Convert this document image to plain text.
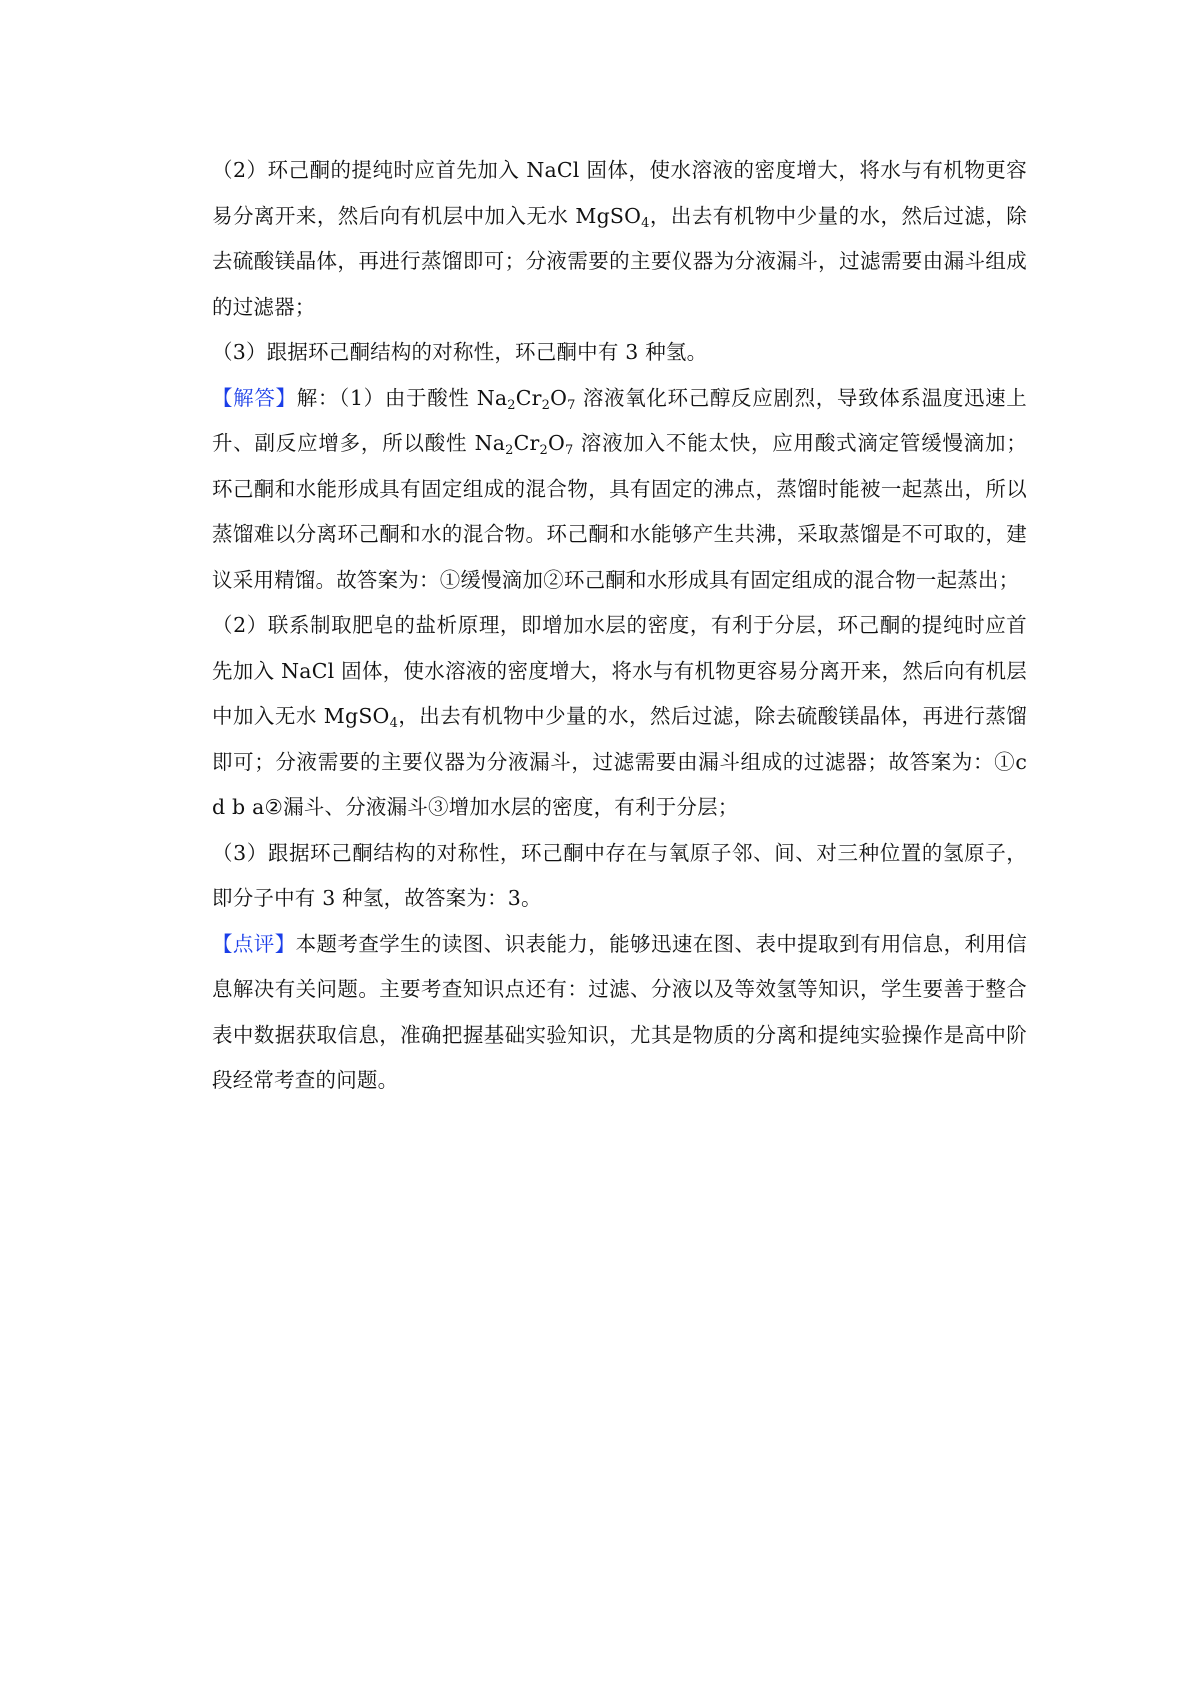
（2）环己酮的提纯时应首先加入 NaCl 固体，使水溶液的密度增大，将水与有机物更容易分离开来，然后向有机层中加入无水 MgSO$_4$，出去有机物中少量的水，然后过滤，除去硫酸镁晶体，再进行蒸馏即可；分液需要的主要仪器为分液漏斗，过滤需要由漏斗组成的过滤器；

（3）跟据环己酮结构的对称性，环己酮中有 3 种氢。

【解答】解：（1）由于酸性 $Na_2Cr_2O_7$ 溶液氧化环己醇反应剧烈，导致体系温度迅速上升、副反应增多，所以酸性 $Na_2Cr_2O_7$ 溶液加入不能太快，应用酸式滴定管缓慢滴加；环己酮和水能形成具有固定组成的混合物，具有固定的沸点，蒸馏时能被一起蒸出，所以蒸馏难以分离环己酮和水的混合物。环己酮和水能够产生共沸，采取蒸馏是不可取的，建议采用精馏。故答案为：①缓慢滴加②环己酮和水形成具有固定组成的混合物一起蒸出；

（2）联系制取肥皂的盐析原理，即增加水层的密度，有利于分层，环己酮的提纯时应首先加入 NaCl 固体，使水溶液的密度增大，将水与有机物更容易分离开来，然后向有机层中加入无水 MgSO$_4$，出去有机物中少量的水，然后过滤，除去硫酸镁晶体，再进行蒸馏即可；分液需要的主要仪器为分液漏斗，过滤需要由漏斗组成的过滤器；故答案为：①c d b a②漏斗、分液漏斗③增加水层的密度，有利于分层；

（3）跟据环己酮结构的对称性，环己酮中存在与氧原子邻、间、对三种位置的氢原子，即分子中有 3 种氢，故答案为：3。

【点评】本题考查学生的读图、识表能力，能够迅速在图、表中提取到有用信息，利用信息解决有关问题。主要考查知识点还有：过滤、分液以及等效氢等知识，学生要善于整合表中数据获取信息，准确把握基础实验知识，尤其是物质的分离和提纯实验操作是高中阶段经常考查的问题。
